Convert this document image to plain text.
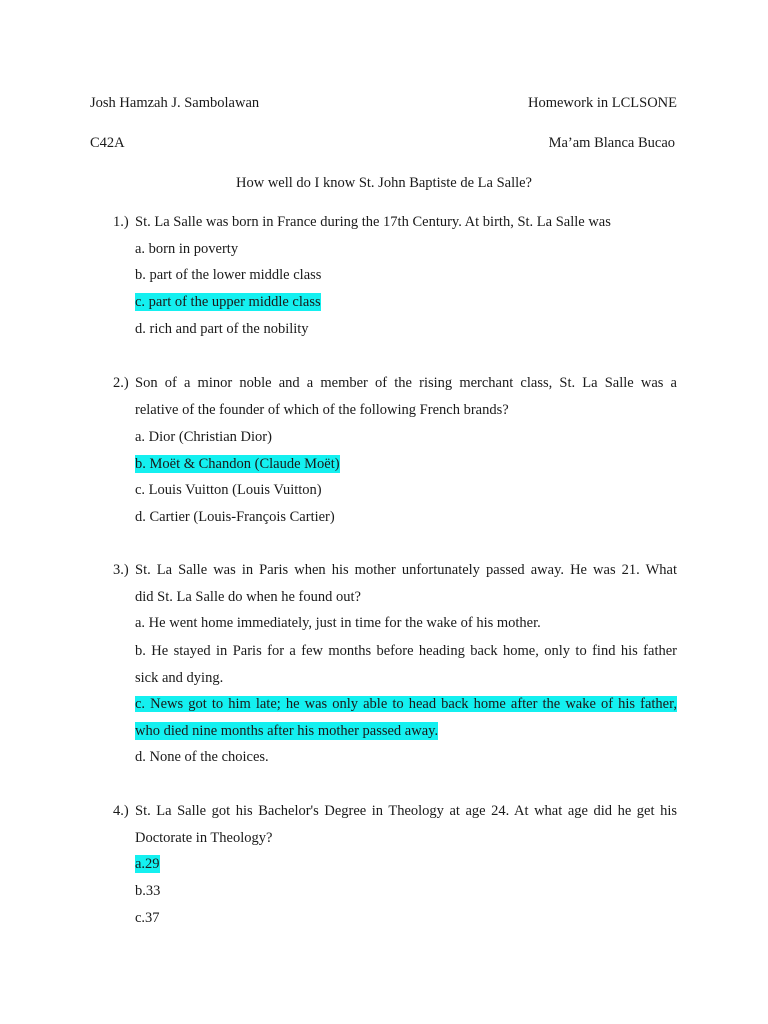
Josh Hamzah J. Sambolawan	Homework in LCLSONE
C42A	Ma’am Blanca Bucao
How well do I know St. John Baptiste de La Salle?
1.) St. La Salle was born in France during the 17th Century. At birth, St. La Salle was
a. born in poverty
b. part of the lower middle class
c. part of the upper middle class
d. rich and part of the nobility
2.) Son of a minor noble and a member of the rising merchant class, St. La Salle was a
relative of the founder of which of the following French brands?
a. Dior (Christian Dior)
b. Moët & Chandon (Claude Moët)
c. Louis Vuitton (Louis Vuitton)
d. Cartier (Louis-François Cartier)
3.) St. La Salle was in Paris when his mother unfortunately passed away. He was 21. What
did St. La Salle do when he found out?
a. He went home immediately, just in time for the wake of his mother.
b. He stayed in Paris for a few months before heading back home, only to find his father
sick and dying.
c. News got to him late; he was only able to head back home after the wake of his father,
who died nine months after his mother passed away.
d. None of the choices.
4.) St. La Salle got his Bachelor's Degree in Theology at age 24. At what age did he get his
Doctorate in Theology?
a.29
b.33
c.37
